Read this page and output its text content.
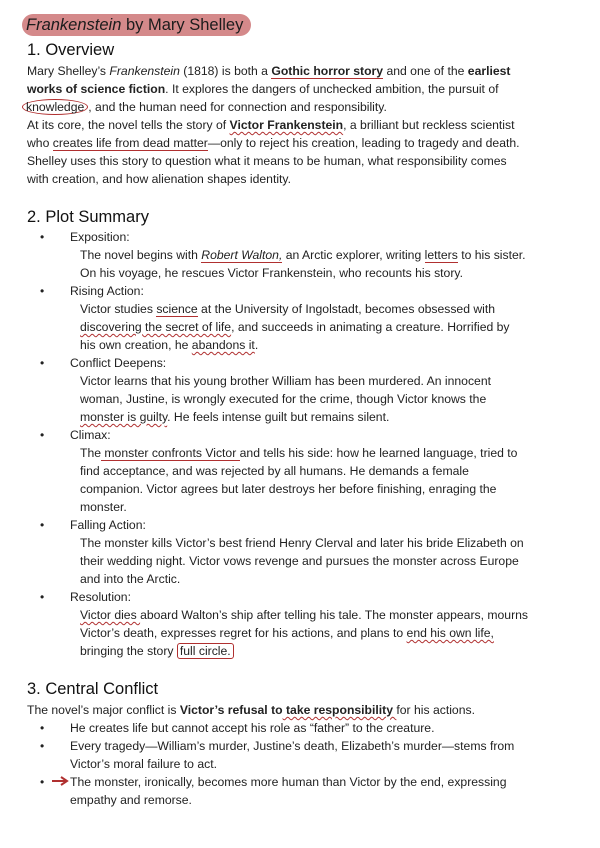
Frankenstein by Mary Shelley
1. Overview
Mary Shelley’s Frankenstein (1818) is both a Gothic horror story and one of the earliest
works of science fiction. It explores the dangers of unchecked ambition, the pursuit of
knowledge , and the human need for connection and responsibility.
At its core, the novel tells the story of Victor Frankenstein, a brilliant but reckless scientist
who creates life from dead matter—only to reject his creation, leading to tragedy and death.
Shelley uses this story to question what it means to be human, what responsibility comes
with creation, and how alienation shapes identity.
2. Plot Summary
• Exposition:
The novel begins with Robert Walton, an Arctic explorer, writing letters to his sister.
On his voyage, he rescues Victor Frankenstein, who recounts his story.
• Rising Action:
Victor studies science at the University of Ingolstadt, becomes obsessed with
discovering the secret of life, and succeeds in animating a creature. Horrified by
his own creation, he abandons it.
• Conflict Deepens:
Victor learns that his young brother William has been murdered. An innocent
woman, Justine, is wrongly executed for the crime, though Victor knows the
monster is guilty. He feels intense guilt but remains silent.
• Climax:
The monster confronts Victor and tells his side: how he learned language, tried to
find acceptance, and was rejected by all humans. He demands a female
companion. Victor agrees but later destroys her before finishing, enraging the
monster.
• Falling Action:
The monster kills Victor’s best friend Henry Clerval and later his bride Elizabeth on
their wedding night. Victor vows revenge and pursues the monster across Europe
and into the Arctic.
• Resolution:
Victor dies aboard Walton’s ship after telling his tale. The monster appears, mourns
Victor’s death, expresses regret for his actions, and plans to end his own life,
bringing the story full circle.
3. Central Conflict
The novel’s major conflict is Victor’s refusal to take responsibility for his actions.
• He creates life but cannot accept his role as “father” to the creature.
• Every tragedy—William’s murder, Justine’s death, Elizabeth’s murder—stems from
Victor’s moral failure to act.
• The monster, ironically, becomes more human than Victor by the end, expressing
empathy and remorse.
